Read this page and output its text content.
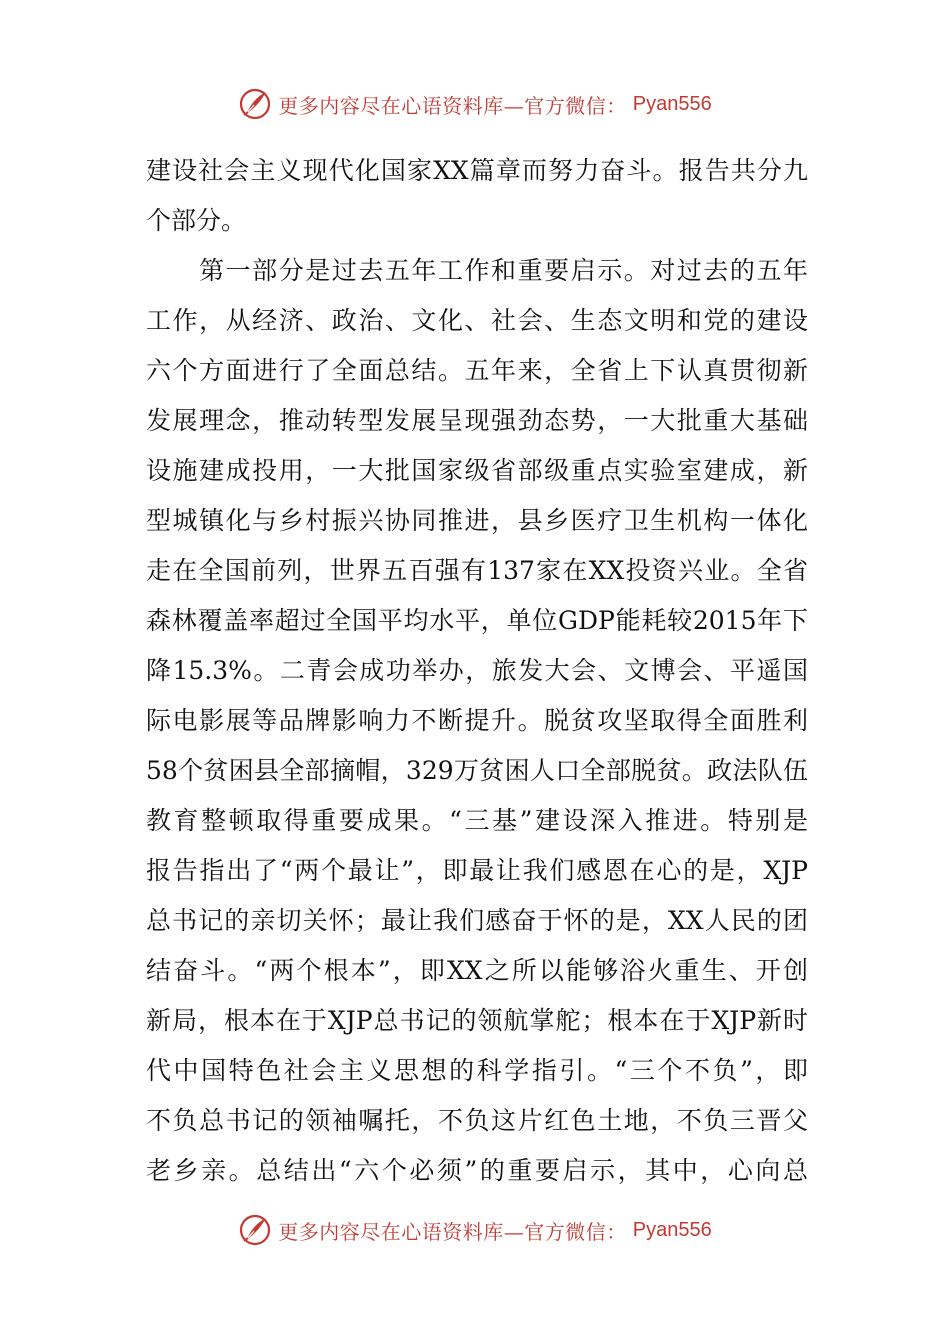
更多内容尽在心语资料库—官方微信： Pyan556
建设社会主义现代化国家XX篇章而努力奋斗。报告共分九
个部分。
　　第一部分是过去五年工作和重要启示。对过去的五年
工作，从经济、政治、文化、社会、生态文明和党的建设
六个方面进行了全面总结。五年来，全省上下认真贯彻新
发展理念，推动转型发展呈现强劲态势，一大批重大基础
设施建成投用，一大批国家级省部级重点实验室建成，新
型城镇化与乡村振兴协同推进，县乡医疗卫生机构一体化
走在全国前列，世界五百强有137家在XX投资兴业。全省
森林覆盖率超过全国平均水平，单位GDP能耗较2015年下
降15.3%。二青会成功举办，旅发大会、文博会、平遥国
际电影展等品牌影响力不断提升。脱贫攻坚取得全面胜利
58个贫困县全部摘帽，329万贫困人口全部脱贫。政法队伍
教育整顿取得重要成果。“三基”建设深入推进。特别是
报告指出了“两个最让”，即最让我们感恩在心的是，XJP
总书记的亲切关怀；最让我们感奋于怀的是，XX人民的团
结奋斗。“两个根本”，即XX之所以能够浴火重生、开创
新局，根本在于XJP总书记的领航掌舵；根本在于XJP新时
代中国特色社会主义思想的科学指引。“三个不负”，即
不负总书记的领袖嘱托，不负这片红色土地，不负三晋父
老乡亲。总结出“六个必须”的重要启示，其中，心向总
更多内容尽在心语资料库—官方微信： Pyan556
